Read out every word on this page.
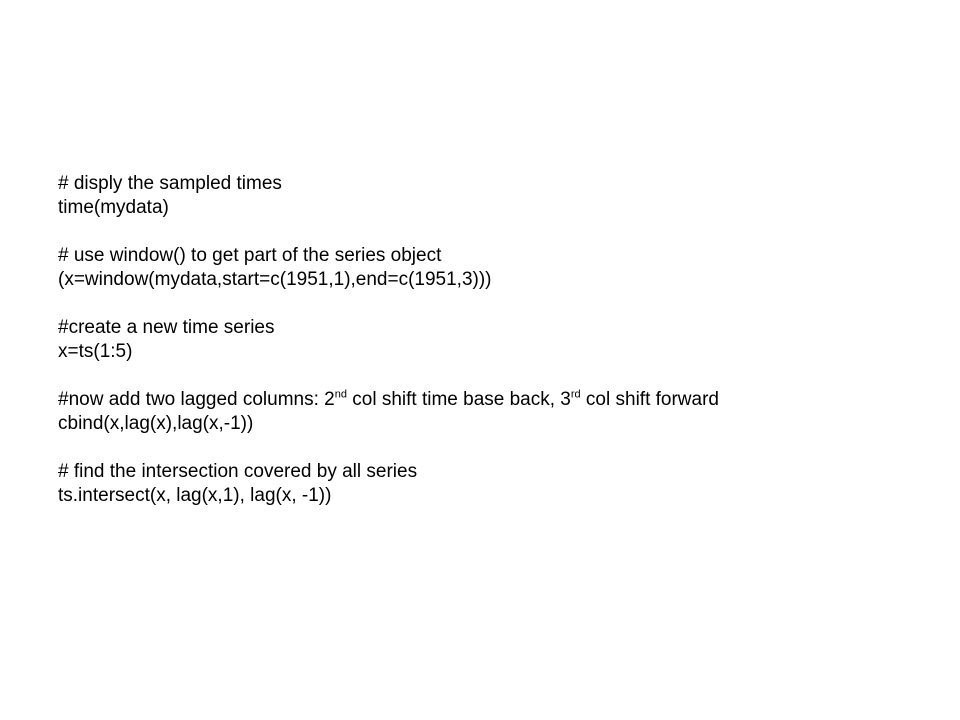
# disply the sampled times
time(mydata)
# use window() to get part of the series object
(x=window(mydata,start=c(1951,1),end=c(1951,3)))
#create a new time series
x=ts(1:5)
#now add two lagged columns: 2nd col shift time base back, 3rd col shift forward
cbind(x,lag(x),lag(x,-1))
# find the intersection covered by all series
ts.intersect(x, lag(x,1), lag(x, -1))
